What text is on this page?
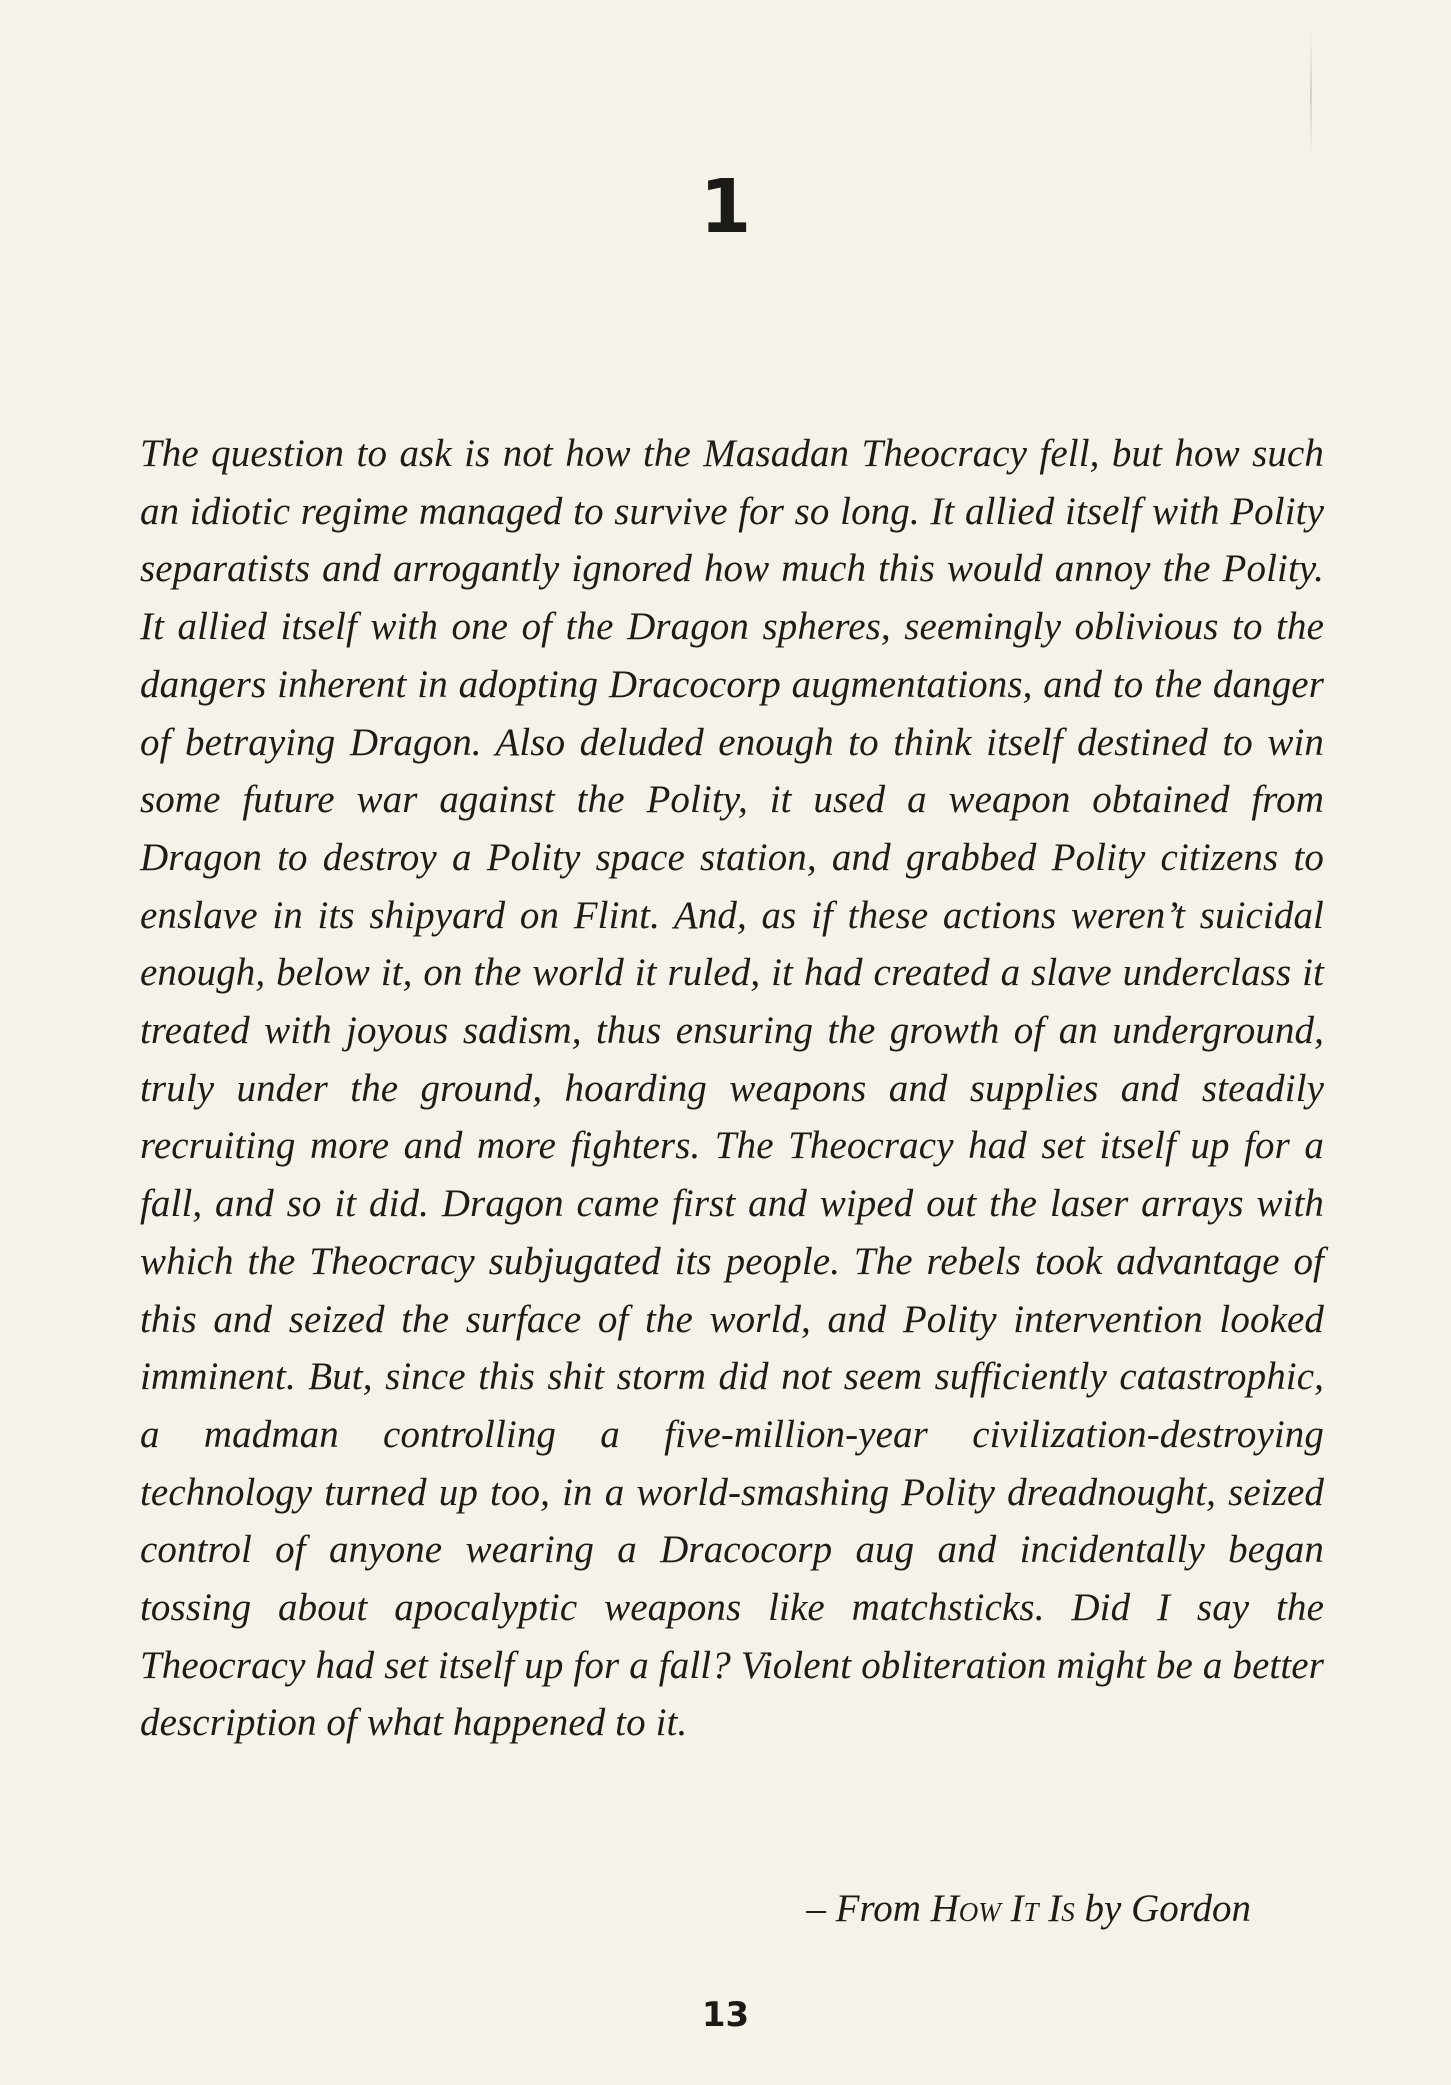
1

The question to ask is not how the Masadan Theocracy fell, but how such an idiotic regime managed to survive for so long. It allied itself with Polity separatists and arrogantly ignored how much this would annoy the Polity. It allied itself with one of the Dragon spheres, seemingly oblivious to the dangers inherent in adopting Dracocorp augmentations, and to the danger of betraying Dragon. Also deluded enough to think itself destined to win some future war against the Polity, it used a weapon obtained from Dragon to destroy a Polity space station, and grabbed Polity citizens to enslave in its shipyard on Flint. And, as if these actions weren’t suicidal enough, below it, on the world it ruled, it had created a slave underclass it treated with joyous sadism, thus ensuring the growth of an underground, truly under the ground, hoarding weapons and supplies and steadily recruiting more and more fighters. The Theocracy had set itself up for a fall, and so it did. Dragon came first and wiped out the laser arrays with which the Theocracy subjugated its people. The rebels took advantage of this and seized the surface of the world, and Polity intervention looked imminent. But, since this shit storm did not seem sufficiently catastrophic, a madman controlling a five-million-year civilization-destroying technology turned up too, in a world-smashing Polity dreadnought, seized control of anyone wearing a Dracocorp aug and incidentally began tossing about apocalyptic weapons like matchsticks. Did I say the Theocracy had set itself up for a fall? Violent obliteration might be a better description of what happened to it.

– From How It Is by Gordon
13
